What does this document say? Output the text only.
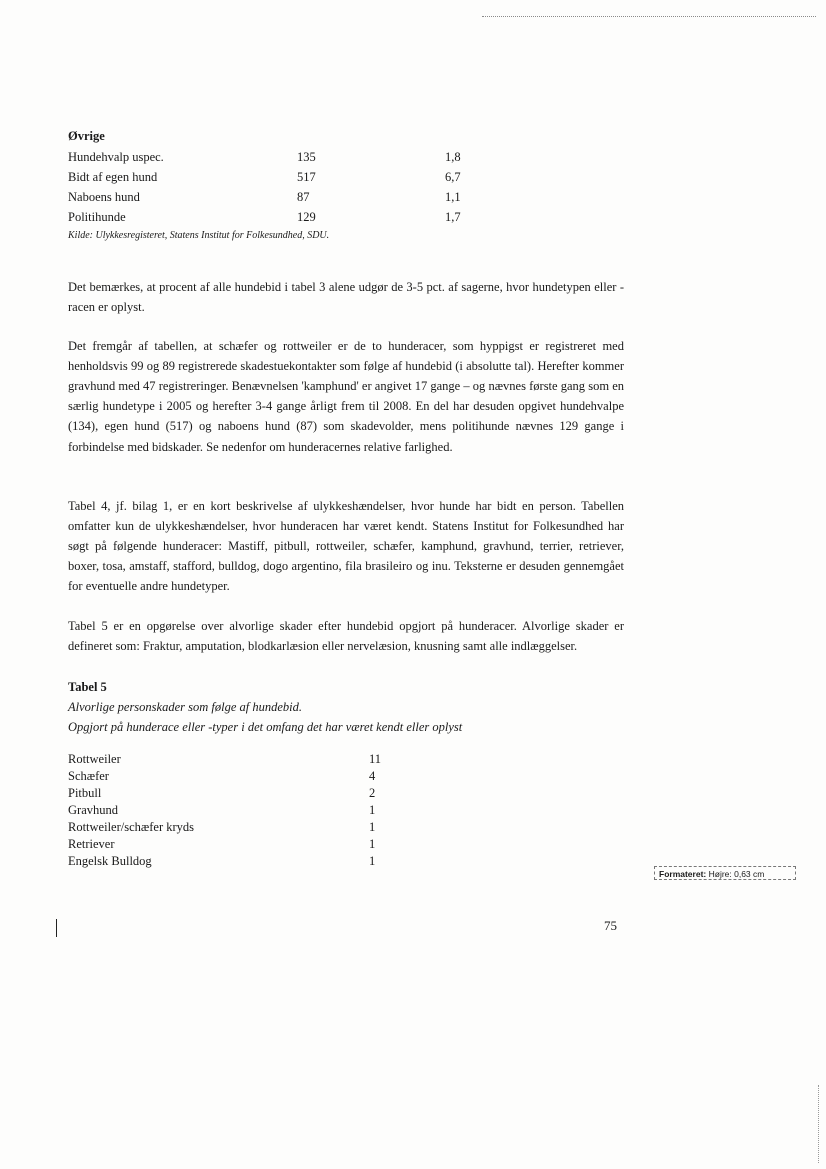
Øvrige
Hundehvalp uspec.	135	1,8
Bidt af egen hund	517	6,7
Naboens hund	87	1,1
Politihunde	129	1,7
Kilde: Ulykkesregisteret, Statens Institut for Folkesundhed, SDU.

Det bemærkes, at procent af alle hundebid i tabel 3 alene udgør de 3-5 pct. af sagerne, hvor hundetypen eller -racen er oplyst.

Det fremgår af tabellen, at schæfer og rottweiler er de to hunderacer, som hyppigst er registreret med henholdsvis 99 og 89 registrerede skadestuekontakter som følge af hundebid (i absolutte tal). Herefter kommer gravhund med 47 registreringer. Benævnelsen 'kamphund' er angivet 17 gange – og nævnes første gang som en særlig hundetype i 2005 og herefter 3-4 gange årligt frem til 2008. En del har desuden opgivet hundehvalpe (134), egen hund (517) og naboens hund (87) som skadevolder, mens politihunde nævnes 129 gange i forbindelse med bidskader. Se nedenfor om hunderacernes relative farlighed.

Tabel 4, jf. bilag 1, er en kort beskrivelse af ulykkeshændelser, hvor hunde har bidt en person. Tabellen omfatter kun de ulykkeshændelser, hvor hunderacen har været kendt. Statens Institut for Folkesundhed har søgt på følgende hunderacer: Mastiff, pitbull, rottweiler, schæfer, kamphund, gravhund, terrier, retriever, boxer, tosa, amstaff, stafford, bulldog, dogo argentino, fila brasileiro og inu. Teksterne er desuden gennemgået for eventuelle andre hundetyper.

Tabel 5 er en opgørelse over alvorlige skader efter hundebid opgjort på hunderacer. Alvorlige skader er defineret som: Fraktur, amputation, blodkarlæsion eller nervelæsion, knusning samt alle indlæggelser.

Tabel 5
Alvorlige personskader som følge af hundebid.
Opgjort på hunderace eller -typer i det omfang det har været kendt eller oplyst
Rottweiler	11
Schæfer	4
Pitbull	2
Gravhund	1
Rottweiler/schæfer kryds	1
Retriever	1
Engelsk Bulldog	1
Formateret: Højre: 0,63 cm
75
